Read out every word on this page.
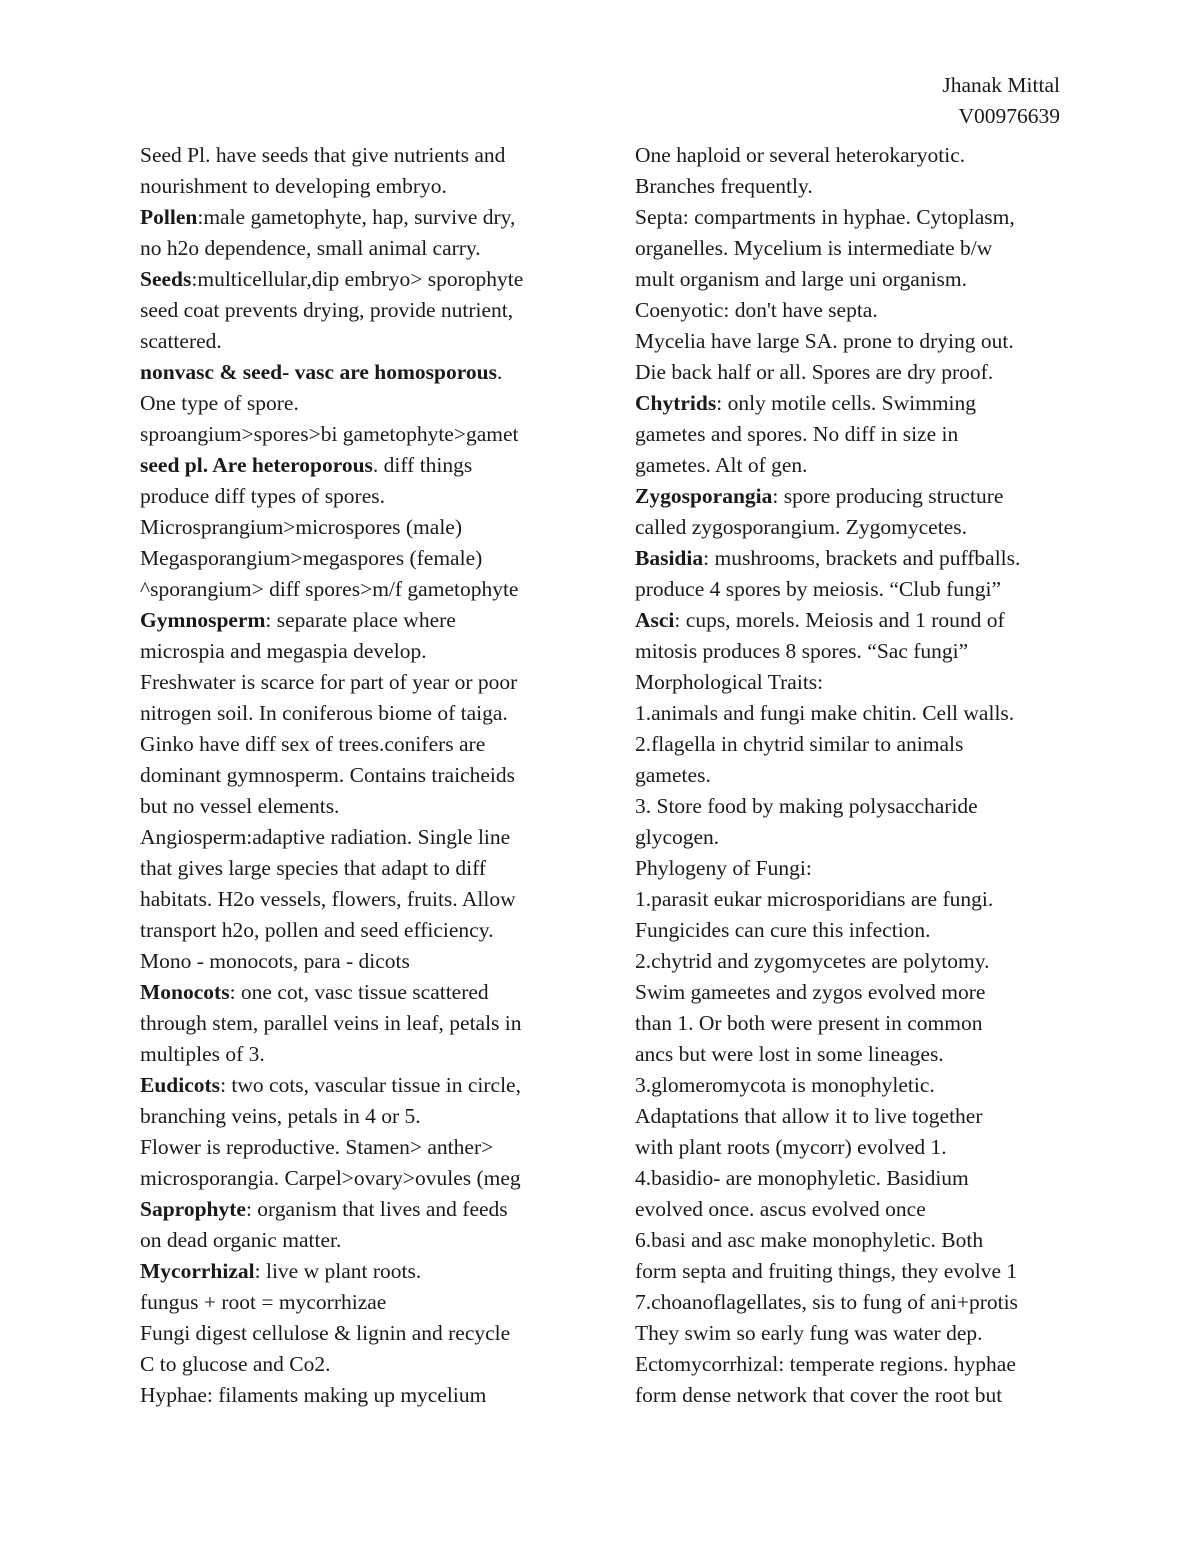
Jhanak Mittal
V00976639
Seed Pl. have seeds that give nutrients and
nourishment to developing embryo.
Pollen:male gametophyte, hap, survive dry,
no h2o dependence, small animal carry.
Seeds:multicellular,dip embryo> sporophyte
seed coat prevents drying, provide nutrient,
scattered.
nonvasc & seed- vasc are homosporous.
One type of spore.
sproangium>spores>bi gametophyte>gamet
seed pl. Are heteroporous. diff things
produce diff types of spores.
Microsprangium>microspores (male)
Megasporangium>megaspores (female)
^sporangium> diff spores>m/f gametophyte
Gymnosperm: separate place where
microspia and megaspia develop.
Freshwater is scarce for part of year or poor
nitrogen soil. In coniferous biome of taiga.
Ginko have diff sex of trees.conifers are
dominant gymnosperm. Contains traicheids
but no vessel elements.
Angiosperm:adaptive radiation. Single line
that gives large species that adapt to diff
habitats. H2o vessels, flowers, fruits. Allow
transport h2o, pollen and seed efficiency.
Mono - monocots, para - dicots
Monocots: one cot, vasc tissue scattered
through stem, parallel veins in leaf, petals in
multiples of 3.
Eudicots: two cots, vascular tissue in circle,
branching veins, petals in 4 or 5.
Flower is reproductive. Stamen> anther>
microsporangia. Carpel>ovary>ovules (meg
Saprophyte: organism that lives and feeds
on dead organic matter.
Mycorrhizal: live w plant roots.
fungus + root = mycorrhizae
Fungi digest cellulose & lignin and recycle
C to glucose and Co2.
Hyphae: filaments making up mycelium
One haploid or several heterokaryotic.
Branches frequently.
Septa: compartments in hyphae. Cytoplasm,
organelles. Mycelium is intermediate b/w
mult organism and large uni organism.
Coenyotic: don't have septa.
Mycelia have large SA. prone to drying out.
Die back half or all. Spores are dry proof.
Chytrids: only motile cells. Swimming
gametes and spores. No diff in size in
gametes. Alt of gen.
Zygosporangia: spore producing structure
called zygosporangium. Zygomycetes.
Basidia: mushrooms, brackets and puffballs.
produce 4 spores by meiosis. “Club fungi”
Asci: cups, morels. Meiosis and 1 round of
mitosis produces 8 spores. “Sac fungi”
Morphological Traits:
1.animals and fungi make chitin. Cell walls.
2.flagella in chytrid similar to animals
gametes.
3. Store food by making polysaccharide
glycogen.
Phylogeny of Fungi:
1.parasit eukar microsporidians are fungi.
Fungicides can cure this infection.
2.chytrid and zygomycetes are polytomy.
Swim gameetes and zygos evolved more
than 1. Or both were present in common
ancs but were lost in some lineages.
3.glomeromycota is monophyletic.
Adaptations that allow it to live together
with plant roots (mycorr) evolved 1.
4.basidio- are monophyletic. Basidium
evolved once. ascus evolved once
6.basi and asc make monophyletic. Both
form septa and fruiting things, they evolve 1
7.choanoflagellates, sis to fung of ani+protis
They swim so early fung was water dep.
Ectomycorrhizal: temperate regions. hyphae
form dense network that cover the root but
